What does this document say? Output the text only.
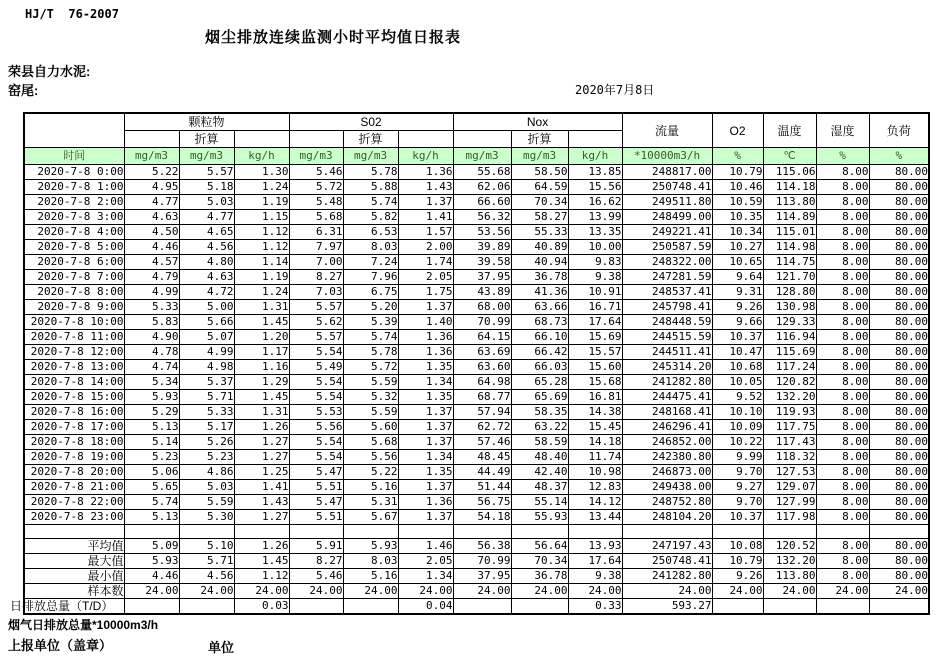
HJ/T  76-2007
烟尘排放连续监测小时平均值日报表
荣县自力水泥:
窑尾:	2020年7月8日
	颗粒物			S02			Nox			流量	O2	温度	湿度	负荷
		折算			折算			折算						
时间	mg/m3	mg/m3	kg/h	mg/m3	mg/m3	kg/h	mg/m3	mg/m3	kg/h	*10000m3/h	%	℃	%	%
2020-7-8 0:00	5.22	5.57	1.30	5.46	5.78	1.36	55.68	58.50	13.85	248817.00	10.79	115.06	8.00	80.00
2020-7-8 1:00	4.95	5.18	1.24	5.72	5.88	1.43	62.06	64.59	15.56	250748.41	10.46	114.18	8.00	80.00
2020-7-8 2:00	4.77	5.03	1.19	5.48	5.74	1.37	66.60	70.34	16.62	249511.80	10.59	113.80	8.00	80.00
2020-7-8 3:00	4.63	4.77	1.15	5.68	5.82	1.41	56.32	58.27	13.99	248499.00	10.35	114.89	8.00	80.00
2020-7-8 4:00	4.50	4.65	1.12	6.31	6.53	1.57	53.56	55.33	13.35	249221.41	10.34	115.01	8.00	80.00
2020-7-8 5:00	4.46	4.56	1.12	7.97	8.03	2.00	39.89	40.89	10.00	250587.59	10.27	114.98	8.00	80.00
2020-7-8 6:00	4.57	4.80	1.14	7.00	7.24	1.74	39.58	40.94	9.83	248322.00	10.65	114.75	8.00	80.00
2020-7-8 7:00	4.79	4.63	1.19	8.27	7.96	2.05	37.95	36.78	9.38	247281.59	9.64	121.70	8.00	80.00
2020-7-8 8:00	4.99	4.72	1.24	7.03	6.75	1.75	43.89	41.36	10.91	248537.41	9.31	128.80	8.00	80.00
2020-7-8 9:00	5.33	5.00	1.31	5.57	5.20	1.37	68.00	63.66	16.71	245798.41	9.26	130.98	8.00	80.00
2020-7-8 10:00	5.83	5.66	1.45	5.62	5.39	1.40	70.99	68.73	17.64	248448.59	9.66	129.33	8.00	80.00
2020-7-8 11:00	4.90	5.07	1.20	5.57	5.74	1.36	64.15	66.10	15.69	244515.59	10.37	116.94	8.00	80.00
2020-7-8 12:00	4.78	4.99	1.17	5.54	5.78	1.36	63.69	66.42	15.57	244511.41	10.47	115.69	8.00	80.00
2020-7-8 13:00	4.74	4.98	1.16	5.49	5.72	1.35	63.60	66.03	15.60	245314.20	10.68	117.24	8.00	80.00
2020-7-8 14:00	5.34	5.37	1.29	5.54	5.59	1.34	64.98	65.28	15.68	241282.80	10.05	120.82	8.00	80.00
2020-7-8 15:00	5.93	5.71	1.45	5.54	5.32	1.35	68.77	65.69	16.81	244475.41	9.52	132.20	8.00	80.00
2020-7-8 16:00	5.29	5.33	1.31	5.53	5.59	1.37	57.94	58.35	14.38	248168.41	10.10	119.93	8.00	80.00
2020-7-8 17:00	5.13	5.17	1.26	5.56	5.60	1.37	62.72	63.22	15.45	246296.41	10.09	117.75	8.00	80.00
2020-7-8 18:00	5.14	5.26	1.27	5.54	5.68	1.37	57.46	58.59	14.18	246852.00	10.22	117.43	8.00	80.00
2020-7-8 19:00	5.23	5.23	1.27	5.54	5.56	1.34	48.45	48.40	11.74	242380.80	9.99	118.32	8.00	80.00
2020-7-8 20:00	5.06	4.86	1.25	5.47	5.22	1.35	44.49	42.40	10.98	246873.00	9.70	127.53	8.00	80.00
2020-7-8 21:00	5.65	5.03	1.41	5.51	5.16	1.37	51.44	48.37	12.83	249438.00	9.27	129.07	8.00	80.00
2020-7-8 22:00	5.74	5.59	1.43	5.47	5.31	1.36	56.75	55.14	14.12	248752.80	9.70	127.99	8.00	80.00
2020-7-8 23:00	5.13	5.30	1.27	5.51	5.67	1.37	54.18	55.93	13.44	248104.20	10.37	117.98	8.00	80.00

平均值	5.09	5.10	1.26	5.91	5.93	1.46	56.38	56.64	13.93	247197.43	10.08	120.52	8.00	80.00
最大值	5.93	5.71	1.45	8.27	8.03	2.05	70.99	70.34	17.64	250748.41	10.79	132.20	8.00	80.00
最小值	4.46	4.56	1.12	5.46	5.16	1.34	37.95	36.78	9.38	241282.80	9.26	113.80	8.00	80.00
样本数	24.00	24.00	24.00	24.00	24.00	24.00	24.00	24.00	24.00	24.00	24.00	24.00	24.00	24.00
日排放总量（T/D）			0.03			0.04			0.33	593.27				
烟气日排放总量*10000m3/h
上报单位（盖章）	单位
